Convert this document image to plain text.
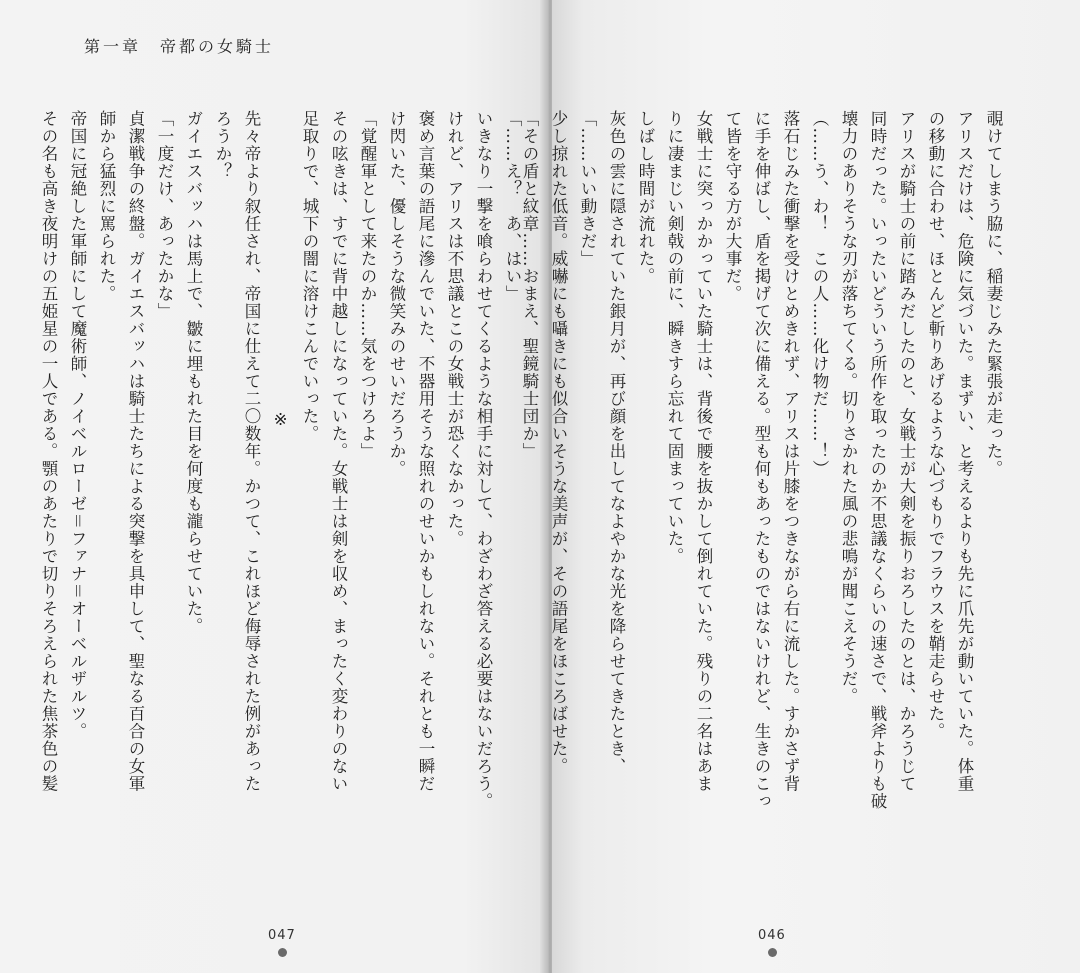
第一章　帝都の女騎士
「……え？　あ、はい」
いきなり一撃を喰らわせてくるような相手に対して、わざわざ答える必要はないだろう。
けれど、アリスは不思議とこの女戦士が恐くなかった。
褒め言葉の語尾に滲んでいた、不器用そうな照れのせいかもしれない。それとも一瞬だ
け閃いた、優しそうな微笑みのせいだろうか。
「覚醒軍として来たのか……気をつけろよ」
その呟きは、すでに背中越しになっていた。女戦士は剣を収め、まったく変わりのない
足取りで、城下の闇に溶けこんでいった。
※
先々帝より叙任され、帝国に仕えて二〇数年。かつて、これほど侮辱された例があった
ろうか？
ガイエスバッハは馬上で、皺に埋もれた目を何度も瀧らせていた。
「一度だけ、あったかな」
貞潔戦争の終盤。ガイエスバッハは騎士たちによる突撃を具申して、聖なる百合の女軍
師から猛烈に罵られた。
帝国に冠絶した軍師にして魔術師、ノイベルローゼ＝ファナ＝オーベルザルツ。
その名も高き夜明けの五姫星の一人である。顎のあたりで切りそろえられた焦茶色の髪
047
覗けてしまう脇に、稲妻じみた緊張が走った。
アリスだけは、危険に気づいた。まずい、と考えるよりも先に爪先が動いていた。体重
の移動に合わせ、ほとんど斬りあげるような心づもりでフラウスを鞘走らせた。
アリスが騎士の前に踏みだしたのと、女戦士が大剣を振りおろしたのとは、かろうじて
同時だった。いったいどういう所作を取ったのか不思議なくらいの速さで、戦斧よりも破
壊力のありそうな刃が落ちてくる。切りさかれた風の悲鳴が聞こえそうだ。
（……う、わ！　この人……化け物だ……！）
落石じみた衝撃を受けとめきれず、アリスは片膝をつきながら右に流した。すかさず背
に手を伸ばし、盾を掲げて次に備える。型も何もあったものではないけれど、生きのこっ
て皆を守る方が大事だ。
女戦士に突っかかっていた騎士は、背後で腰を抜かして倒れていた。残りの二名はあま
りに凄まじい剣戟の前に、瞬きすら忘れて固まっていた。
しばし時間が流れた。
灰色の雲に隠されていた銀月が、再び顔を出してなよやかな光を降らせてきたとき、
「……いい動きだ」
少し掠れた低音。威嚇にも囁きにも似合いそうな美声が、その語尾をほころばせた。
「その盾と紋章……おまえ、聖鏡騎士団か」
046
